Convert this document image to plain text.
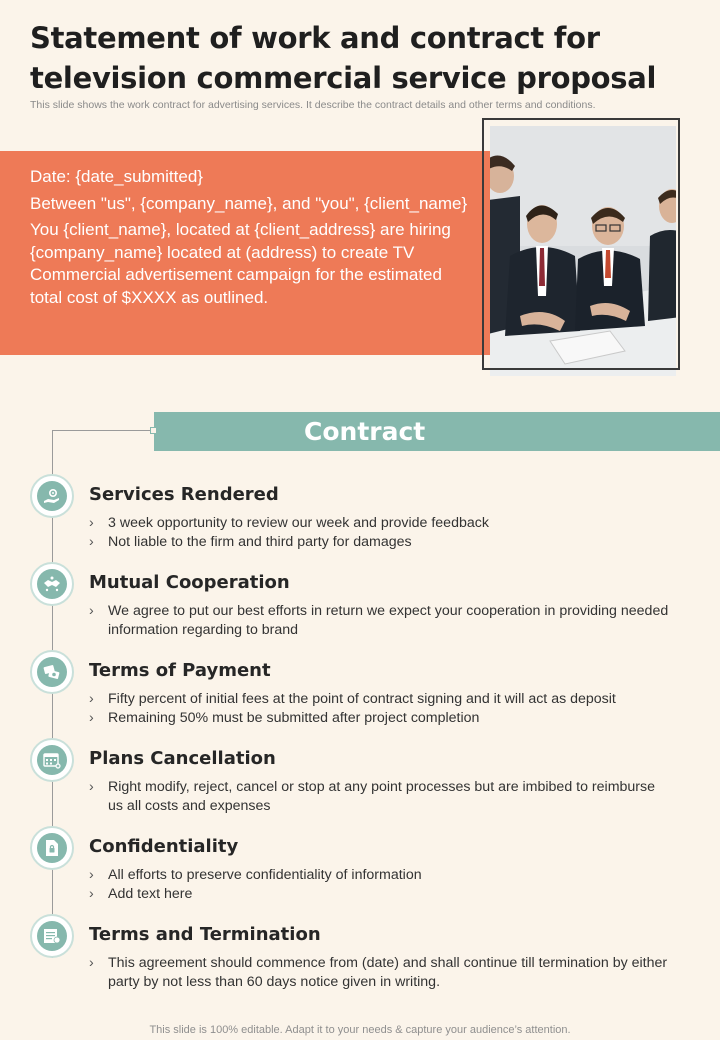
Statement of work and contract for television commercial service proposal
This slide shows the work contract for advertising services. It describe the contract details and other terms and conditions.

Date: {date_submitted}

Between "us", {company_name}, and "you", {client_name}

You {client_name}, located at {client_address} are hiring {company_name} located at (address) to create TV Commercial advertisement campaign for the estimated total cost of $XXXX as outlined.

Contract
Services Rendered
› 3 week opportunity to review our week and provide feedback
› Not liable to the firm and third party for damages
Mutual Cooperation
› We agree to put our best efforts in return we expect your cooperation in providing needed information regarding to brand
Terms of Payment
› Fifty percent of initial fees at the point of contract signing and it will act as deposit
› Remaining 50% must be submitted after project completion
Plans Cancellation
› Right modify, reject, cancel or stop at any point processes but are imbibed to reimburse us all costs and expenses
Confidentiality
› All efforts to preserve confidentiality of information
› Add text here
Terms and Termination
› This agreement should commence from (date) and shall continue till termination by either party by not less than 60 days notice given in writing.
This slide is 100% editable. Adapt it to your needs & capture your audience’s attention.
